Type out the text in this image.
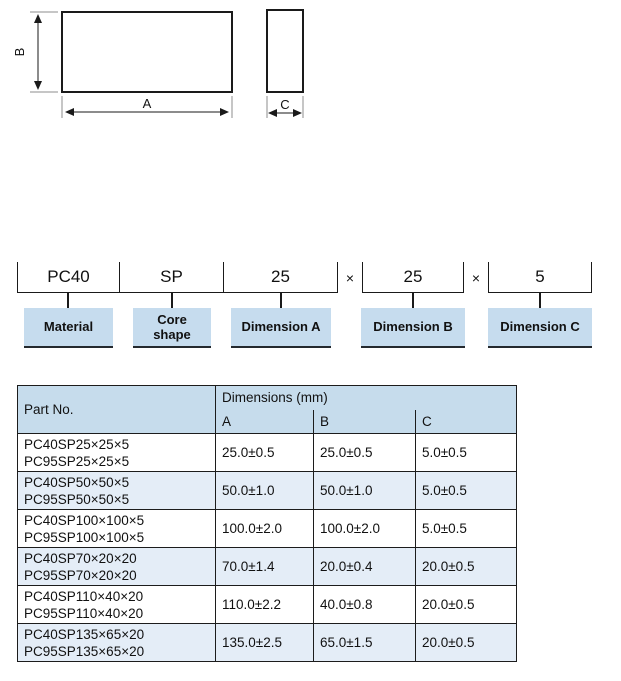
B
A	C
PC40	SP	25	×	25	×	5
Material
Core shape
Dimension A	Dimension B	Dimension C
Part No.	Dimensions (mm)		
	A	B	C

PC40SP25×25×5
PC95SP25×25×5	25.0±0.5	25.0±0.5	5.0±0.5

PC40SP50×50×5
PC95SP50×50×5	50.0±1.0	50.0±1.0	5.0±0.5

PC40SP100×100×5
PC95SP100×100×5	100.0±2.0	100.0±2.0	5.0±0.5

PC40SP70×20×20
PC95SP70×20×20	70.0±1.4	20.0±0.4	20.0±0.5

PC40SP110×40×20
PC95SP110×40×20	110.0±2.2	40.0±0.8	20.0±0.5

PC40SP135×65×20
PC95SP135×65×20	135.0±2.5	65.0±1.5	20.0±0.5
